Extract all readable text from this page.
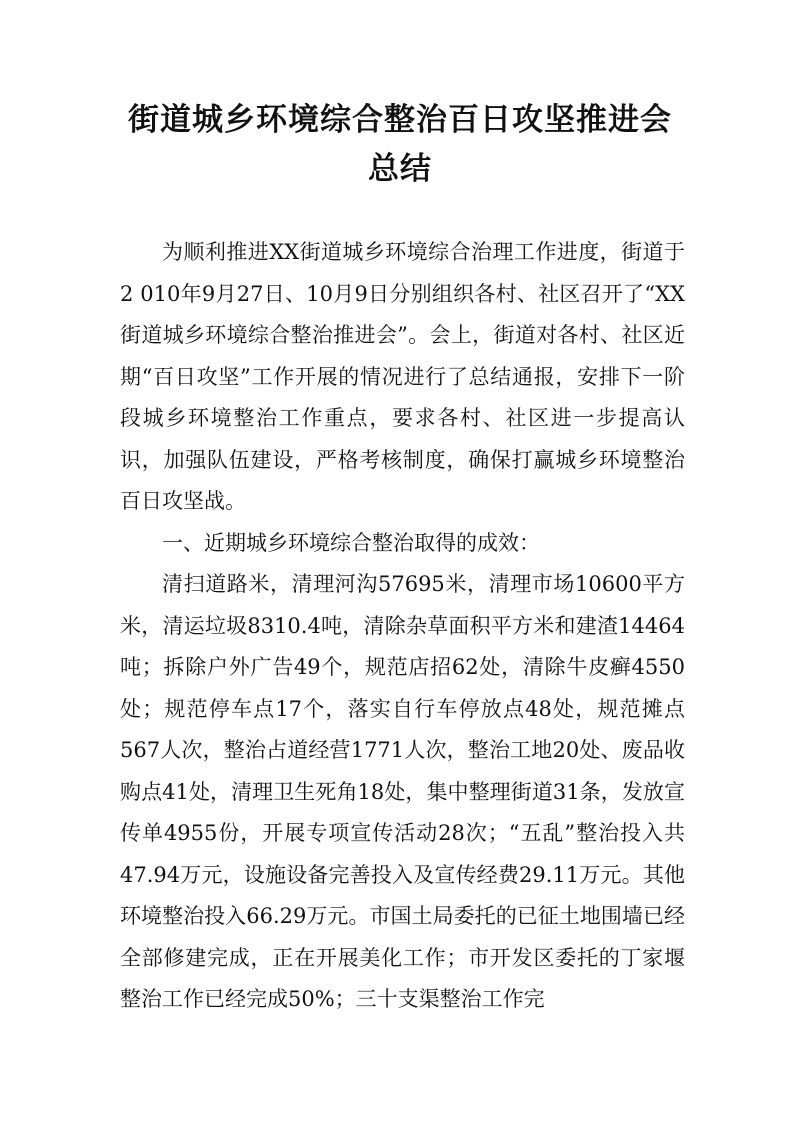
街道城乡环境综合整治百日攻坚推进会总结

为顺利推进XX街道城乡环境综合治理工作进度，街道于2 010年9月27日、10月9日分别组织各村、社区召开了“XX街道城乡环境综合整治推进会”。会上，街道对各村、社区近期“百日攻坚”工作开展的情况进行了总结通报，安排下一阶段城乡环境整治工作重点，要求各村、社区进一步提高认识，加强队伍建设，严格考核制度，确保打赢城乡环境整治百日攻坚战。

一、近期城乡环境综合整治取得的成效：

清扫道路米，清理河沟57695米，清理市场10600平方米，清运垃圾8310.4吨，清除杂草面积平方米和建渣14464吨；拆除户外广告49个，规范店招62处，清除牛皮癣4550处；规范停车点17个，落实自行车停放点48处，规范摊点567人次，整治占道经营1771人次，整治工地20处、废品收购点41处，清理卫生死角18处，集中整理街道31条，发放宣传单4955份，开展专项宣传活动28次；“五乱”整治投入共47.94万元，设施设备完善投入及宣传经费29.11万元。其他环境整治投入66.29万元。市国土局委托的已征土地围墙已经全部修建完成，正在开展美化工作；市开发区委托的丁家堰整治工作已经完成50%；三十支渠整治工作完
